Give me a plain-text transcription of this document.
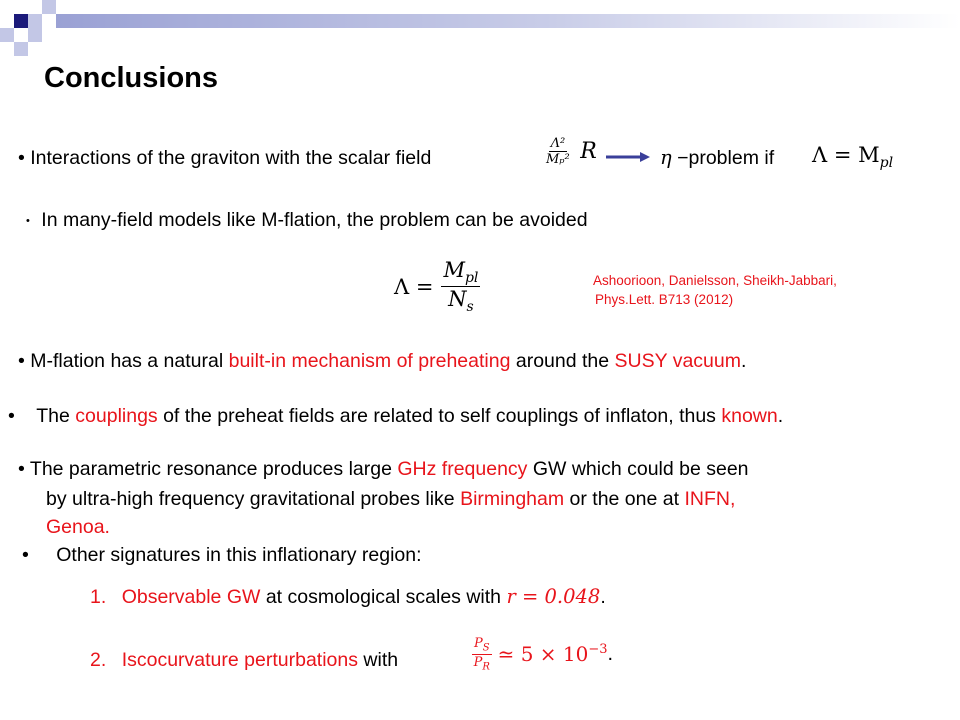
Conclusions
• Interactions of the graviton with the scalar field	$\frac{\text{Λ²}}{\text{Mₚ²}}$ R	η −problem if $\Lambda = M_{pl}$
• In many-field models like M-flation, the problem can be avoided
$\Lambda = \frac{M_{pl}}{N_s}$	Ashoorioon, Danielsson, Sheikh-Jabbari,
Phys.Lett. B713 (2012)
• M-flation has a natural built-in mechanism of preheating around the SUSY vacuum.
• The couplings of the preheat fields are related to self couplings of inflaton, thus known.
• The parametric resonance produces large GHz frequency GW which could be seen
by ultra-high frequency gravitational probes like Birmingham or the one at INFN,
Genoa.
• Other signatures in this inflationary region:
1. Observable GW at cosmological scales with r = 0.048.
2. Iscocurvature perturbations with	$\frac{P_S}{P_R}$ ≃ $5 \times 10^{-3}$ .
